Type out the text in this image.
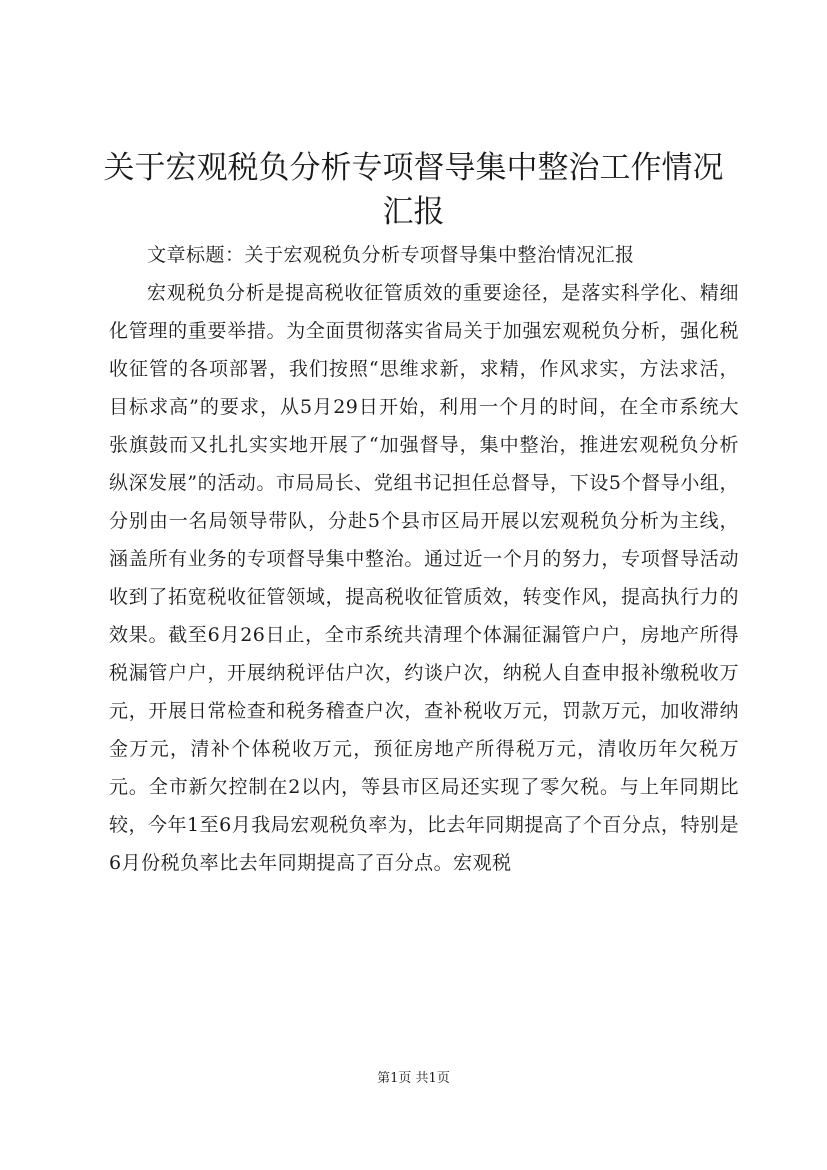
关于宏观税负分析专项督导集中整治工作情况汇报

文章标题：关于宏观税负分析专项督导集中整治情况汇报

宏观税负分析是提高税收征管质效的重要途径，是落实科学化、精细化管理的重要举措。为全面贯彻落实省局关于加强宏观税负分析，强化税收征管的各项部署，我们按照“思维求新，求精，作风求实，方法求活，目标求高”的要求，从5月29日开始，利用一个月的时间，在全市系统大张旗鼓而又扎扎实实地开展了“加强督导，集中整治，推进宏观税负分析纵深发展”的活动。市局局长、党组书记担任总督导，下设5个督导小组，分别由一名局领导带队，分赴5个县市区局开展以宏观税负分析为主线，涵盖所有业务的专项督导集中整治。通过近一个月的努力，专项督导活动收到了拓宽税收征管领域，提高税收征管质效，转变作风，提高执行力的效果。截至6月26日止，全市系统共清理个体漏征漏管户户，房地产所得税漏管户户，开展纳税评估户次，约谈户次，纳税人自查申报补缴税收万元，开展日常检查和税务稽查户次，查补税收万元，罚款万元，加收滞纳金万元，清补个体税收万元，预征房地产所得税万元，清收历年欠税万元。全市新欠控制在2以内，等县市区局还实现了零欠税。与上年同期比较，今年1至6月我局宏观税负率为，比去年同期提高了个百分点，特别是6月份税负率比去年同期提高了百分点。宏观税

第1页 共1页
